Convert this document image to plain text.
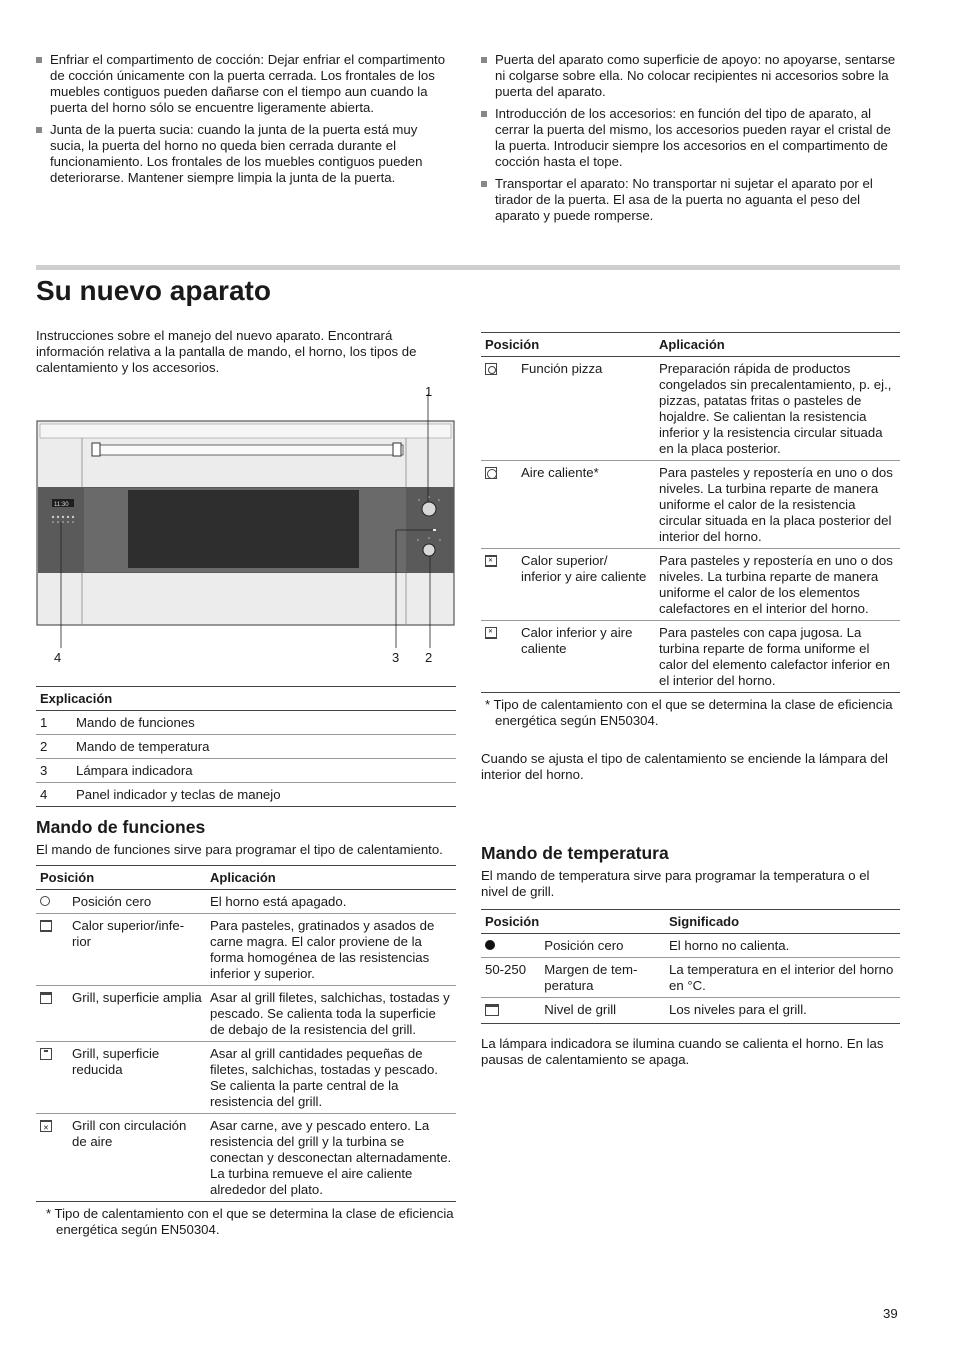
Enfriar el compartimento de cocción: Dejar enfriar el compartimento de cocción únicamente con la puerta cerrada. Los frontales de los muebles contiguos pueden dañarse con el tiempo aun cuando la puerta del horno sólo se encuentre ligeramente abierta.

Junta de la puerta sucia: cuando la junta de la puerta está muy sucia, la puerta del horno no queda bien cerrada durante el funcionamiento. Los frontales de los muebles contiguos pueden deteriorarse. Mantener siempre limpia la junta de la puerta.

Puerta del aparato como superficie de apoyo: no apoyarse, sentarse ni colgarse sobre ella. No colocar recipientes ni accesorios sobre la puerta del aparato.

Introducción de los accesorios: en función del tipo de aparato, al cerrar la puerta del mismo, los accesorios pueden rayar el cristal de la puerta. Introducir siempre los accesorios en el compartimento de cocción hasta el tope.

Transportar el aparato: No transportar ni sujetar el aparato por el tirador de la puerta. El asa de la puerta no aguanta el peso del aparato y puede romperse.

Su nuevo aparato

Instrucciones sobre el manejo del nuevo aparato. Encontrará información relativa a la pantalla de mando, el horno, los tipos de calentamiento y los accesorios.

11:30
1
4	3 2
Explicación	
1	Mando de funciones
2	Mando de temperatura
3	Lámpara indicadora
4	Panel indicador y teclas de manejo
Mando de funciones

El mando de funciones sirve para programar el tipo de calentamiento.

Posición		Aplicación
	Posición cero	El horno está apagado.
	Calor superior/infe-rior	Para pasteles, gratinados y asados de carne magra. El calor proviene de la forma homogénea de las resistencias inferior y superior.
	Grill, superficie amplia	Asar al grill filetes, salchichas, tostadas y pescado. Se calienta toda la superficie de debajo de la resistencia del grill.

	Grill, superficie reducida	Asar al grill cantidades pequeñas de filetes, salchichas, tostadas y pescado. Se calienta la parte central de la resistencia del grill.

✕	Grill con circulación de aire	Asar carne, ave y pescado entero. La resistencia del grill y la turbina se conectan y desconectan alternadamente. La turbina remueve el aire caliente alrededor del plato.

* Tipo de calentamiento con el que se determina la clase de eficiencia energética según EN50304.

Posición		Aplicación

	Función pizza	Preparación rápida de productos congelados sin precalentamiento, p. ej., pizzas, patatas fritas o pasteles de hojaldre. Se calientan la resistencia inferior y la resistencia circular situada en la placa posterior.

	Aire caliente*	Para pasteles y repostería en uno o dos niveles. La turbina reparte de manera uniforme el calor de la resistencia circular situada en la placa posterior del interior del horno.

✕	Calor superior/ inferior y aire caliente	Para pasteles y repostería en uno o dos niveles. La turbina reparte de manera uniforme el calor de los elementos calefactores en el interior del horno.

✕	Calor inferior y aire caliente	Para pasteles con capa jugosa. La turbina reparte de forma uniforme el calor del elemento calefactor inferior en el interior del horno.

* Tipo de calentamiento con el que se determina la clase de eficiencia energética según EN50304.

Cuando se ajusta el tipo de calentamiento se enciende la lámpara del interior del horno.

Mando de temperatura

El mando de temperatura sirve para programar la temperatura o el nivel de grill.

Posición		Significado
	Posición cero	El horno no calienta.
50-250	Margen de tem-peratura	La temperatura en el interior del horno en °C.
	Nivel de grill	Los niveles para el grill.

La lámpara indicadora se ilumina cuando se calienta el horno. En las pausas de calentamiento se apaga.

39
